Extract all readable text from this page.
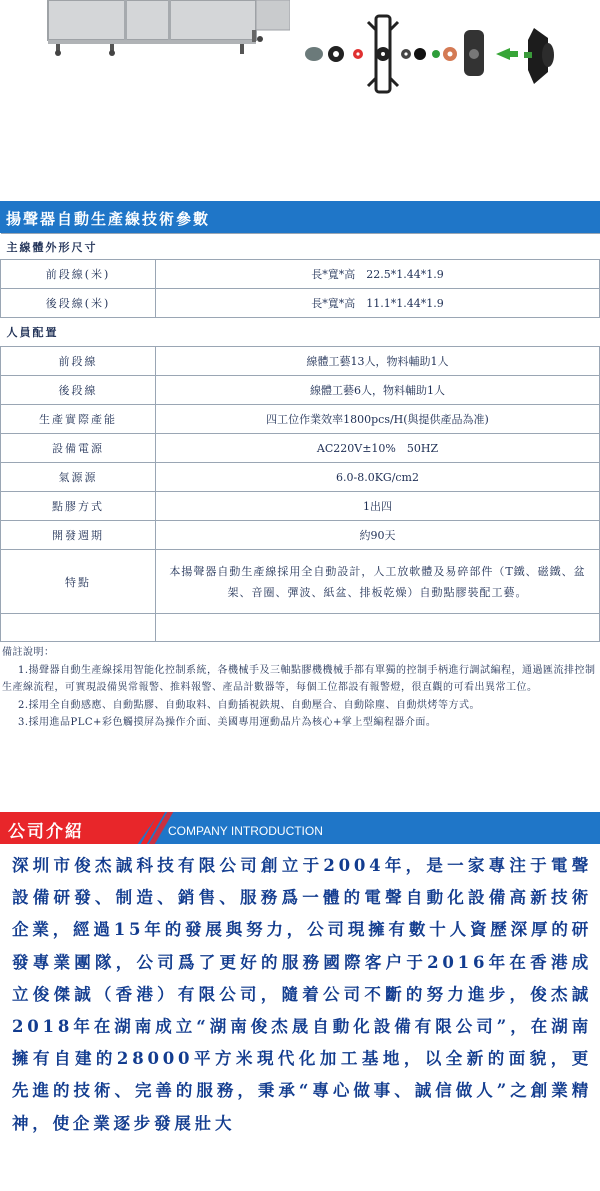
揚聲器自動生產線技術參數
主線體外形尺寸	
前段線(米)	長*寬*高　22.5*1.44*1.9
後段線(米)	長*寬*高　11.1*1.44*1.9
人員配置	
前段線	線體工藝13人，物料輔助1人
後段線	線體工藝6人，物料輔助1人
生產實際產能	四工位作業效率1800pcs/H(與提供產品為准)
設備電源	AC220V±10%　50HZ
氣源源	6.0-8.0KG/cm2
點膠方式	1出四
開發週期	約90天
特點	本揚聲器自動生產線採用全自動設計，人工放軟體及易碎部件（T鐵、磁鐵、盆架、音圈、彈波、紙盆、排板乾燥）自動點膠裝配工藝。

備註說明：

1.揚聲器自動生產線採用智能化控制系統，各機械手及三軸點膠機機械手都有單獨的控制手柄進行調試編程，通過匯流排控制生產線流程，可實現設備異常報警、推料報警、產品計數器等，每個工位都設有報警燈，很直觀的可看出異常工位。

2.採用全自動感應、自動點膠、自動取料、自動插視鉄規、自動壓合、自動除塵、自動烘烤等方式。

3.採用進品PLC+彩色觸摸屏為操作介面、美國專用運動晶片為核心+掌上型編程器介面。

公司介紹	COMPANY INTRODUCTION
深圳市俊杰誠科技有限公司創立于2004年，是一家專注于電聲設備研發、制造、銷售、服務爲一體的電聲自動化設備高新技術企業，經過15年的發展與努力，公司現擁有數十人資歷深厚的研發專業團隊，公司爲了更好的服務國際客户于2016年在香港成立俊傑誠（香港）有限公司，隨着公司不斷的努力進步，俊杰誠2018年在湖南成立“湖南俊杰晟自動化設備有限公司”，在湖南擁有自建的28000平方米現代化加工基地，以全新的面貌，更先進的技術、完善的服務，秉承“專心做事、誠信做人”之創業精神，使企業逐步發展壯大
